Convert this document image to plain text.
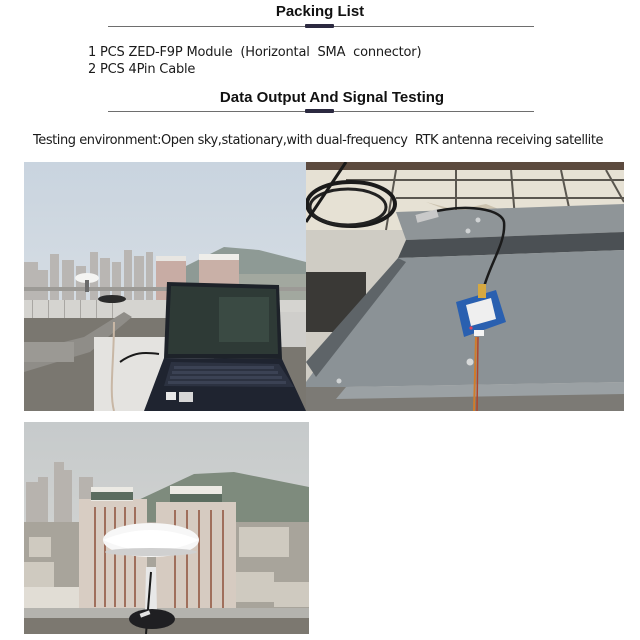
Packing List
1 PCS ZED-F9P Module  (Horizontal  SMA  connector)
2 PCS 4Pin Cable
Data Output And Signal Testing
Testing environment:Open sky,stationary,with dual-frequency  RTK antenna receiving satellite
